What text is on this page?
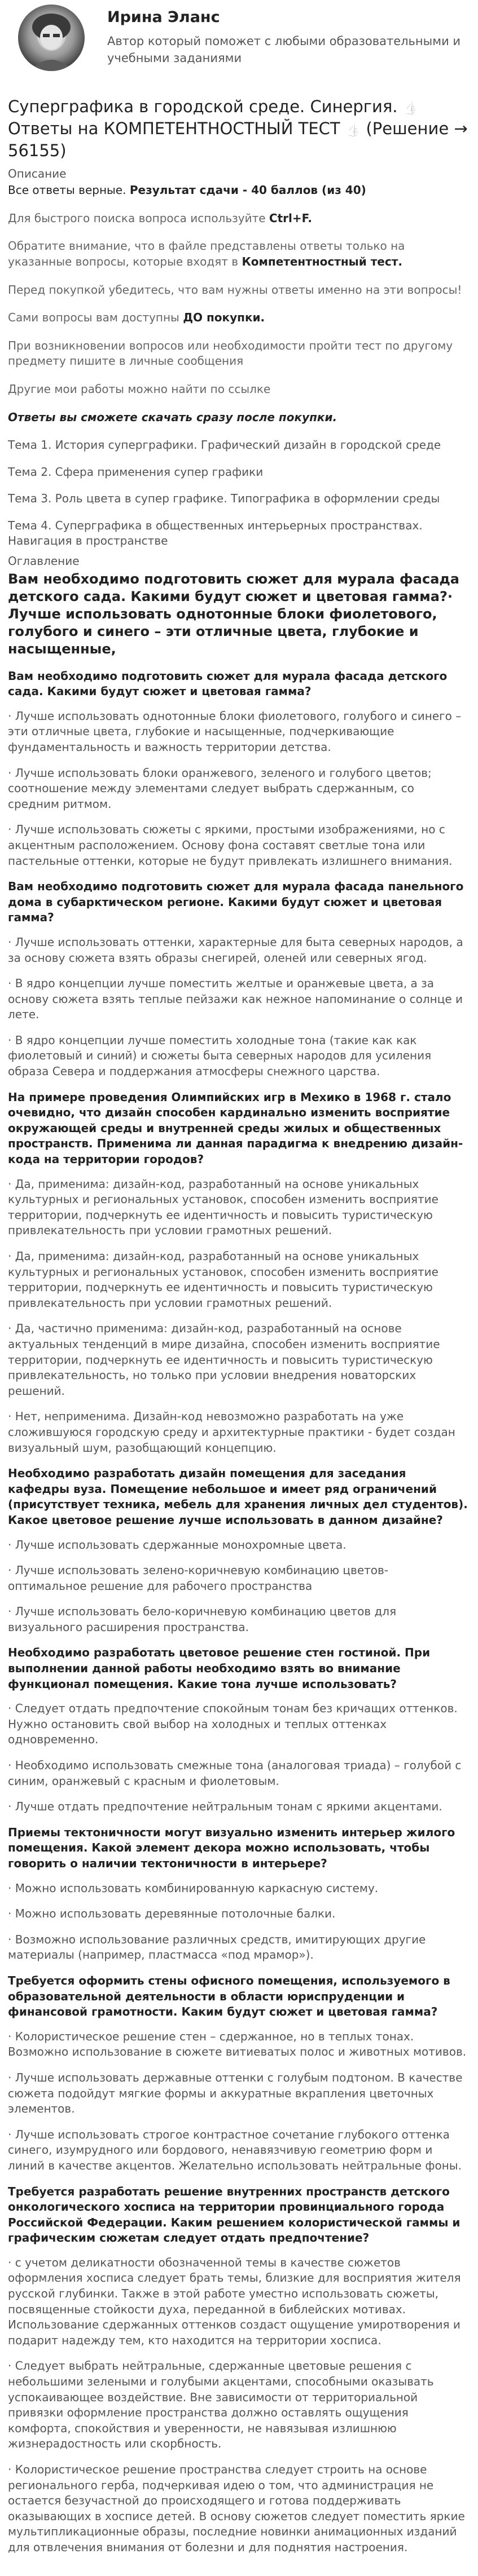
Ирина Эланс
Автор который поможет с любыми образовательными и учебными заданиями
Суперграфика в городской среде. Синергия. 👍 Ответы на КОМПЕТЕНТНОСТНЫЙ ТЕСТ 👍 (Решение → 56155)
Описание

Все ответы верные. Результат сдачи - 40 баллов (из 40)

Для быстрого поиска вопроса используйте Ctrl+F.

Обратите внимание, что в файле представлены ответы только на указанные вопросы, которые входят в Компетентностный тест.

Перед покупкой убедитесь, что вам нужны ответы именно на эти вопросы!

Сами вопросы вам доступны ДО покупки.

При возникновении вопросов или необходимости пройти тест по другому предмету пишите в личные сообщения

Другие мои работы можно найти по ссылке

Ответы вы сможете скачать сразу после покупки.

Тема 1. История суперграфики. Графический дизайн в городской среде
Тема 2. Сфера применения супер графики
Тема 3. Роль цвета в супер графике. Типографика в оформлении среды
Тема 4. Суперграфика в общественных интерьерных пространствах. Навигация в пространстве
Оглавление
Вам необходимо подготовить сюжет для мурала фасада детского сада. Какими будут сюжет и цветовая гамма?· Лучше использовать однотонные блоки фиолетового, голубого и синего – эти отличные цвета, глубокие и насыщенные,
Вам необходимо подготовить сюжет для мурала фасада детского сада. Какими будут сюжет и цветовая гамма?
· Лучше использовать однотонные блоки фиолетового, голубого и синего – эти отличные цвета, глубокие и насыщенные, подчеркивающие фундаментальность и важность территории детства.
· Лучше использовать блоки оранжевого, зеленого и голубого цветов; соотношение между элементами следует выбрать сдержанным, со средним ритмом.
· Лучше использовать сюжеты с яркими, простыми изображениями, но с акцентным расположением. Основу фона составят светлые тона или пастельные оттенки, которые не будут привлекать излишнего внимания.
Вам необходимо подготовить сюжет для мурала фасада панельного дома в субарктическом регионе. Какими будут сюжет и цветовая гамма?
· Лучше использовать оттенки, характерные для быта северных народов, а за основу сюжета взять образы снегирей, оленей или северных ягод.
· В ядро концепции лучше поместить желтые и оранжевые цвета, а за основу сюжета взять теплые пейзажи как нежное напоминание о солнце и лете.
· В ядро концепции лучше поместить холодные тона (такие как как фиолетовый и синий) и сюжеты быта северных народов для усиления образа Севера и поддержания атмосферы снежного царства.
На примере проведения Олимпийских игр в Мехико в 1968 г. стало очевидно, что дизайн способен кардинально изменить восприятие окружающей среды и внутренней среды жилых и общественных пространств. Применима ли данная парадигма к внедрению дизайн-кода на территории городов?
· Да, применима: дизайн-код, разработанный на основе уникальных культурных и региональных установок, способен изменить восприятие территории, подчеркнуть ее идентичность и повысить туристическую привлекательность при условии грамотных решений.
· Да, применима: дизайн-код, разработанный на основе уникальных культурных и региональных установок, способен изменить восприятие территории, подчеркнуть ее идентичность и повысить туристическую привлекательность при условии грамотных решений.
· Да, частично применима: дизайн-код, разработанный на основе актуальных тенденций в мире дизайна, способен изменить восприятие территории, подчеркнуть ее идентичность и повысить туристическую привлекательность, но только при условии внедрения новаторских решений.
· Нет, неприменима. Дизайн-код невозможно разработать на уже сложившуюся городскую среду и архитектурные практики - будет создан визуальный шум, разобщающий концепцию.
Необходимо разработать дизайн помещения для заседания кафедры вуза. Помещение небольшое и имеет ряд ограничений (присутствует техника, мебель для хранения личных дел студентов). Какое цветовое решение лучше использовать в данном дизайне?
· Лучше использовать сдержанные монохромные цвета.
· Лучше использовать зелено-коричневую комбинацию цветов- оптимальное решение для рабочего пространства
· Лучше использовать бело-коричневую комбинацию цветов для визуального расширения пространства.
Необходимо разработать цветовое решение стен гостиной. При выполнении данной работы необходимо взять во внимание функционал помещения. Какие тона лучше использовать?
· Следует отдать предпочтение спокойным тонам без кричащих оттенков. Нужно остановить свой выбор на холодных и теплых оттенках одновременно.
· Необходимо использовать смежные тона (аналоговая триада) – голубой с синим, оранжевый с красным и фиолетовым.
· Лучше отдать предпочтение нейтральным тонам с яркими акцентами.
Приемы тектоничности могут визуально изменить интерьер жилого помещения. Какой элемент декора можно использовать, чтобы говорить о наличии тектоничности в интерьере?
· Можно использовать комбинированную каркасную систему.
· Можно использовать деревянные потолочные балки.
· Возможно использование различных средств, имитирующих другие материалы (например, пластмасса «под мрамор»).
Требуется оформить стены офисного помещения, используемого в образовательной деятельности в области юриспруденции и финансовой грамотности. Каким будут сюжет и цветовая гамма?
· Колористическое решение стен – сдержанное, но в теплых тонах. Возможно использование в сюжете витиеватых полос и животных мотивов.
· Лучше использовать державные оттенки с голубым подтоном. В качестве сюжета подойдут мягкие формы и аккуратные вкрапления цветочных элементов.
· Лучше использовать строгое контрастное сочетание глубокого оттенка синего, изумрудного или бордового, ненавязчивую геометрию форм и линий в качестве акцентов. Желательно использовать нейтральные фоны.
Требуется разработать решение внутренних пространств детского онкологического хосписа на территории провинциального города Российской Федерации. Каким решением колористической гаммы и графическим сюжетам следует отдать предпочтение?
· с учетом деликатности обозначенной темы в качестве сюжетов оформления хосписа следует брать темы, близкие для восприятия жителя русской глубинки. Также в этой работе уместно использовать сюжеты, посвященные стойкости духа, переданной в библейских мотивах. Использование сдержанных оттенков создаст ощущение умиротворения и подарит надежду тем, кто находится на территории хосписа.
· Следует выбрать нейтральные, сдержанные цветовые решения с небольшими зелеными и голубыми акцентами, способными оказывать успокаивающее воздействие. Вне зависимости от территориальной привязки оформление пространства должно оставлять ощущения комфорта, спокойствия и уверенности, не навязывая излишнюю жизнерадостность или скорбность.
· Колористическое решение пространства следует строить на основе регионального герба, подчеркивая идею о том, что администрация не остается безучастной до происходящего и готова поддерживать оказывающих в хосписе детей. В основу сюжетов следует поместить яркие мультипликационные образы, последние новинки анимационных изданий для отвлечения внимания от болезни и для поднятия настроения.
